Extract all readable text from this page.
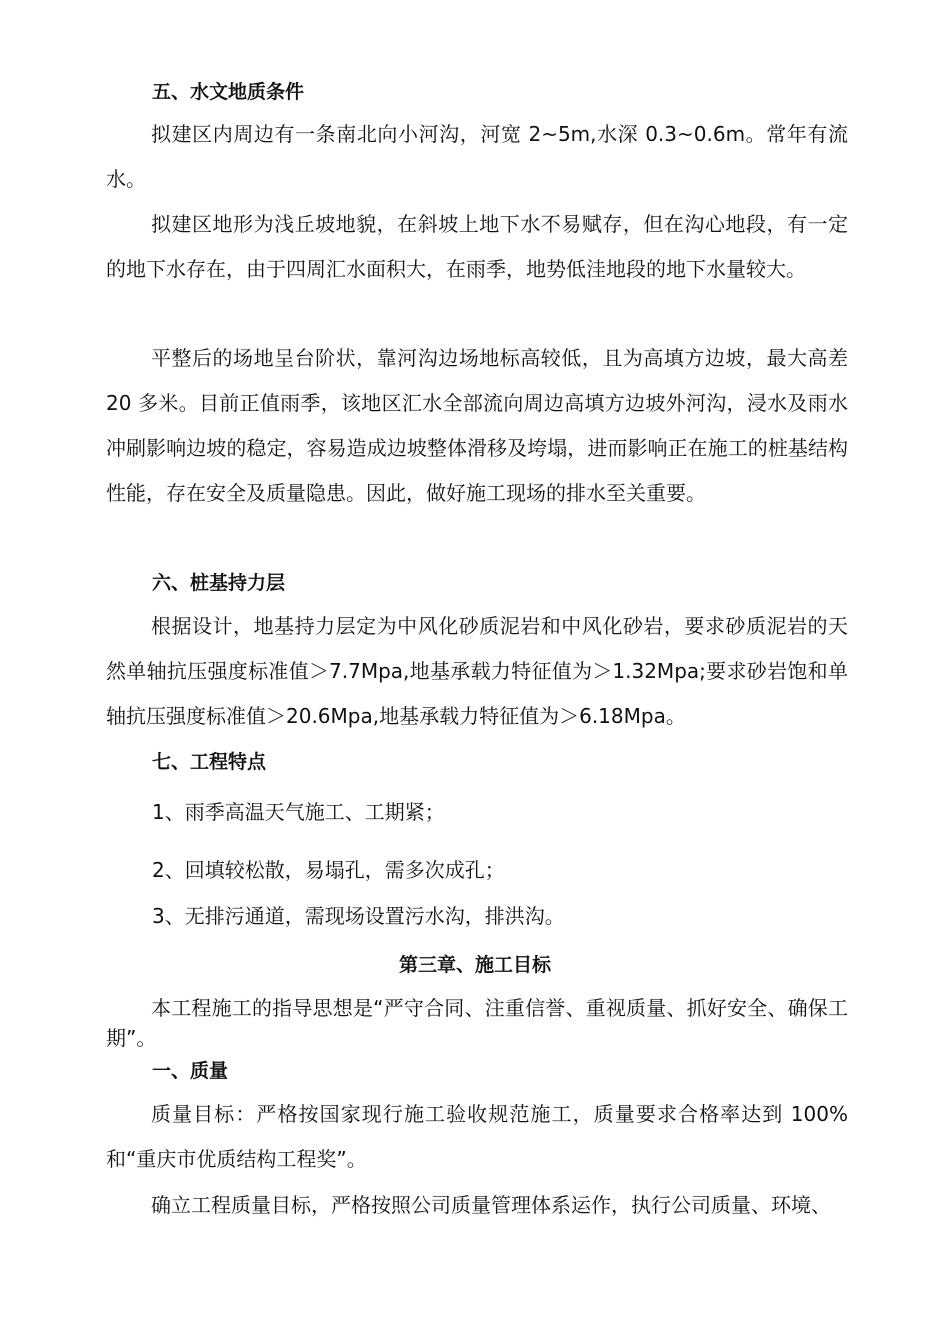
五、水文地质条件

拟建区内周边有一条南北向小河沟，河宽 2~5m,水深 0.3~0.6m。常年有流水。

拟建区地形为浅丘坡地貌，在斜坡上地下水不易赋存，但在沟心地段，有一定的地下水存在，由于四周汇水面积大，在雨季，地势低洼地段的地下水量较大。

平整后的场地呈台阶状，靠河沟边场地标高较低，且为高填方边坡，最大高差 20 多米。目前正值雨季，该地区汇水全部流向周边高填方边坡外河沟，浸水及雨水冲刷影响边坡的稳定，容易造成边坡整体滑移及垮塌，进而影响正在施工的桩基结构性能，存在安全及质量隐患。因此，做好施工现场的排水至关重要。

六、桩基持力层

根据设计，地基持力层定为中风化砂质泥岩和中风化砂岩，要求砂质泥岩的天然单轴抗压强度标准值＞7.7Mpa,地基承载力特征值为＞1.32Mpa;要求砂岩饱和单轴抗压强度标准值＞20.6Mpa,地基承载力特征值为＞6.18Mpa。

七、工程特点

1、雨季高温天气施工、工期紧；

2、回填较松散，易塌孔，需多次成孔；

3、无排污通道，需现场设置污水沟，排洪沟。

第三章、施工目标

本工程施工的指导思想是“严守合同、注重信誉、重视质量、抓好安全、确保工期”。

一、质量

质量目标：严格按国家现行施工验收规范施工，质量要求合格率达到 100%和“重庆市优质结构工程奖”。

确立工程质量目标，严格按照公司质量管理体系运作，执行公司质量、环境、
